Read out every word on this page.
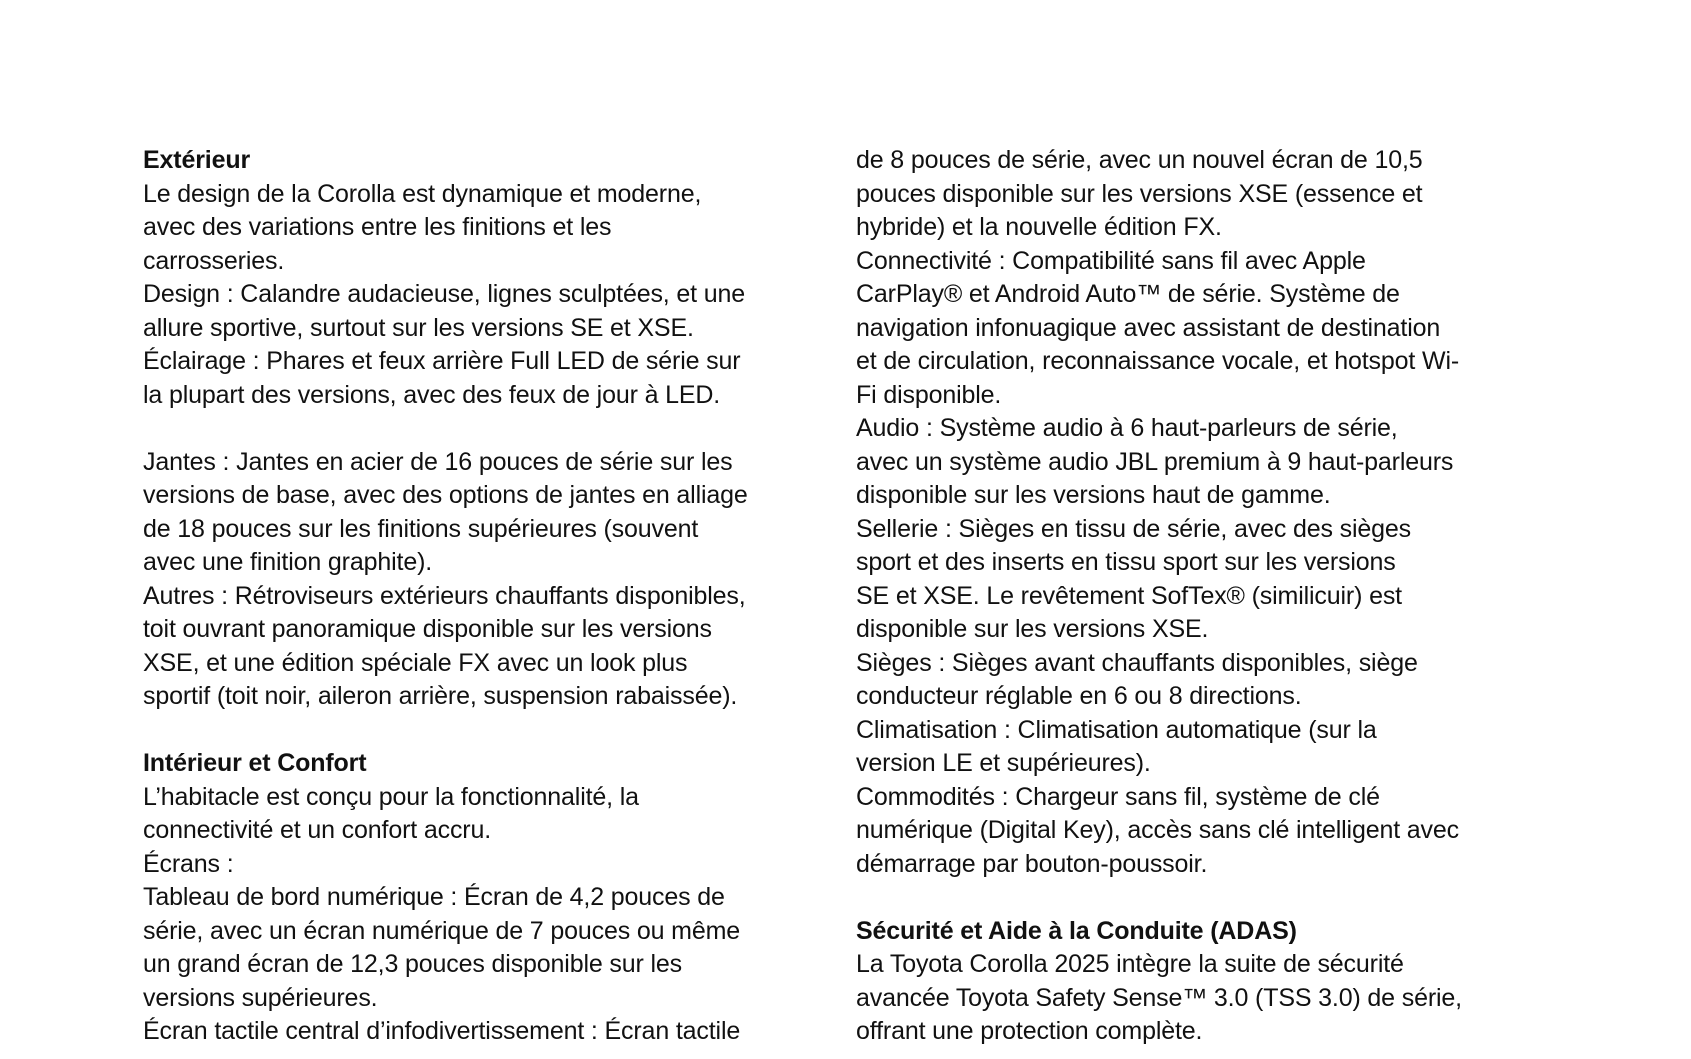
Extérieur
Le design de la Corolla est dynamique et moderne,
avec des variations entre les finitions et les
carrosseries.
Design : Calandre audacieuse, lignes sculptées, et une
allure sportive, surtout sur les versions SE et XSE.
Éclairage : Phares et feux arrière Full LED de série sur
la plupart des versions, avec des feux de jour à LED.
Jantes : Jantes en acier de 16 pouces de série sur les
versions de base, avec des options de jantes en alliage
de 18 pouces sur les finitions supérieures (souvent
avec une finition graphite).
Autres : Rétroviseurs extérieurs chauffants disponibles,
toit ouvrant panoramique disponible sur les versions
XSE, et une édition spéciale FX avec un look plus
sportif (toit noir, aileron arrière, suspension rabaissée).
Intérieur et Confort
L’habitacle est conçu pour la fonctionnalité, la
connectivité et un confort accru.
Écrans :
Tableau de bord numérique : Écran de 4,2 pouces de
série, avec un écran numérique de 7 pouces ou même
un grand écran de 12,3 pouces disponible sur les
versions supérieures.
Écran tactile central d’infodivertissement : Écran tactile
de 8 pouces de série, avec un nouvel écran de 10,5
pouces disponible sur les versions XSE (essence et
hybride) et la nouvelle édition FX.
Connectivité : Compatibilité sans fil avec Apple
CarPlay® et Android Auto™ de série. Système de
navigation infonuagique avec assistant de destination
et de circulation, reconnaissance vocale, et hotspot Wi-
Fi disponible.
Audio : Système audio à 6 haut-parleurs de série,
avec un système audio JBL premium à 9 haut-parleurs
disponible sur les versions haut de gamme.
Sellerie : Sièges en tissu de série, avec des sièges
sport et des inserts en tissu sport sur les versions
SE et XSE. Le revêtement SofTex® (similicuir) est
disponible sur les versions XSE.
Sièges : Sièges avant chauffants disponibles, siège
conducteur réglable en 6 ou 8 directions.
Climatisation : Climatisation automatique (sur la
version LE et supérieures).
Commodités : Chargeur sans fil, système de clé
numérique (Digital Key), accès sans clé intelligent avec
démarrage par bouton-poussoir.
Sécurité et Aide à la Conduite (ADAS)
La Toyota Corolla 2025 intègre la suite de sécurité
avancée Toyota Safety Sense™ 3.0 (TSS 3.0) de série,
offrant une protection complète.
